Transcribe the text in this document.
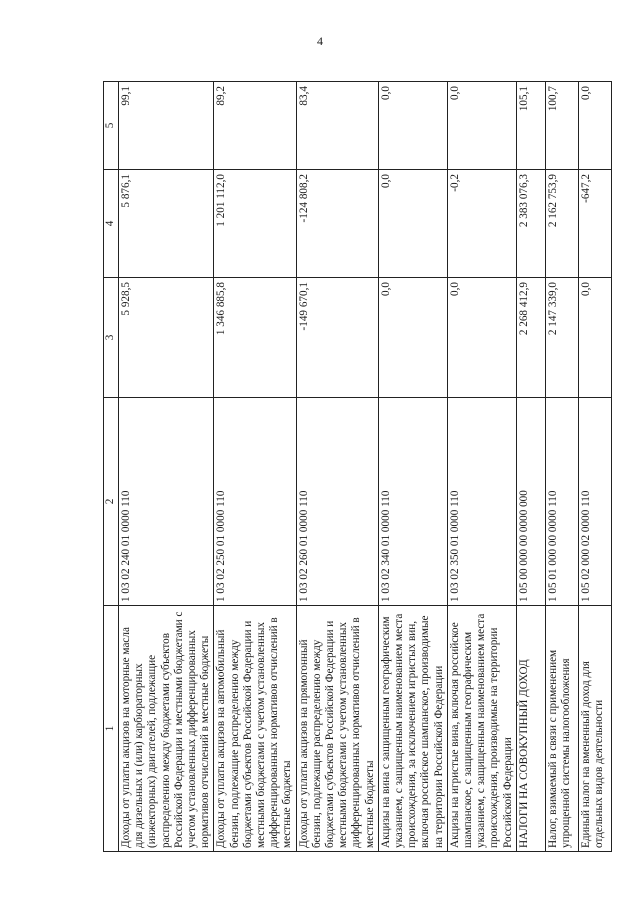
4
1	2	3	4	5
Доходы от уплаты акцизов на моторные масла для дизельных и (или) карбюраторных (инжекторных) двигателей, подлежащие распределению между бюджетами субъектов Российской Федерации и местными бюджетами с учетом установленных дифференцированных нормативов отчислений в местные бюджеты	1 03 02 240 01 0000 110	5 928,5	5 876,1	99,1
Доходы от уплаты акцизов на автомобильный бензин, подлежащие распределению между бюджетами субъектов Российской Федерации и местными бюджетами с учетом установленных дифференцированных нормативов отчислений в местные бюджеты	1 03 02 250 01 0000 110	1 346 885,8	1 201 112,0	89,2
Доходы от уплаты акцизов на прямогонный бензин, подлежащие распределению между бюджетами субъектов Российской Федерации и местными бюджетами с учетом установленных дифференцированных нормативов отчислений в местные бюджеты	1 03 02 260 01 0000 110	-149 670,1	-124 808,2	83,4
Акцизы на вина с защищенным географическим указанием, с защищенным наименованием места происхождения, за исключением игристых вин, включая российское шампанское, производимые на территории Российской Федерации	1 03 02 340 01 0000 110	0,0	0,0	0,0
Акцизы на игристые вина, включая российское шампанское, с защищенным географическим указанием, с защищенным наименованием места происхождения, производимые на территории Российской Федерации	1 03 02 350 01 0000 110	0,0	-0,2	0,0
НАЛОГИ НА СОВОКУПНЫЙ ДОХОД	1 05 00 000 00 0000 000	2 268 412,9	2 383 076,3	105,1
Налог, взимаемый в связи с применением упрощенной системы налогообложения	1 05 01 000 00 0000 110	2 147 339,0	2 162 753,9	100,7
Единый налог на вмененный доход для отдельных видов деятельности	1 05 02 000 02 0000 110	0,0	-647,2	0,0
